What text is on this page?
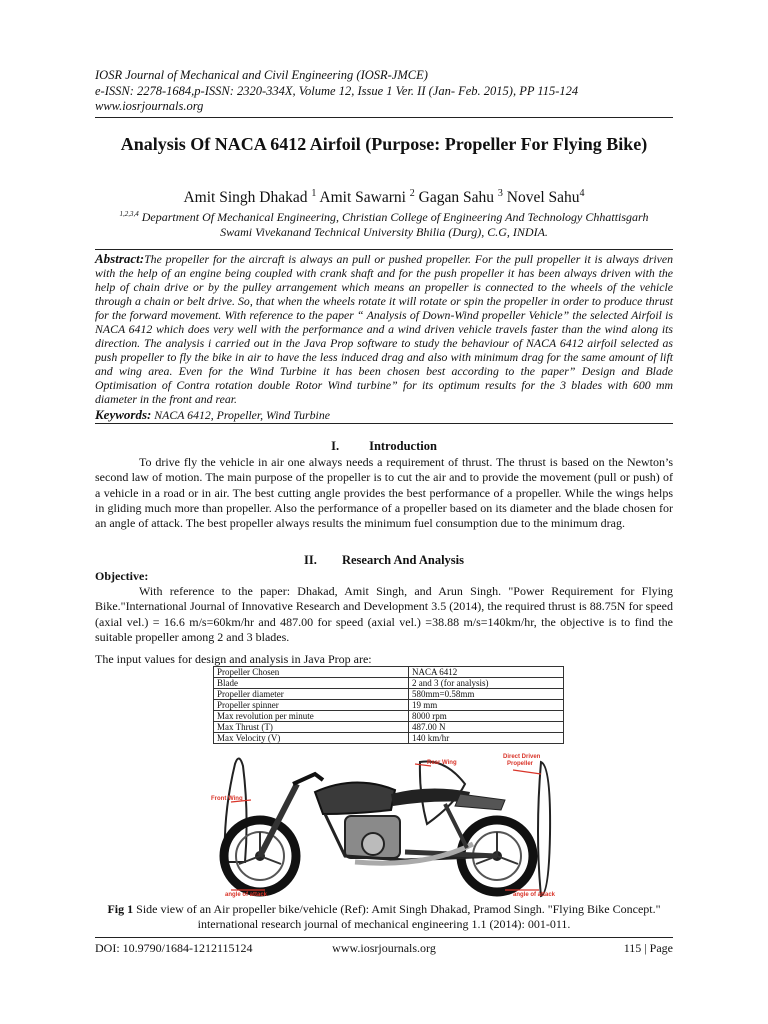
IOSR Journal of Mechanical and Civil Engineering (IOSR-JMCE)
e-ISSN: 2278-1684,p-ISSN: 2320-334X, Volume 12, Issue 1 Ver. II (Jan- Feb. 2015), PP 115-124
www.iosrjournals.org
Analysis Of NACA 6412 Airfoil (Purpose: Propeller For Flying Bike)
Amit Singh Dhakad $^1$ Amit Sawarni $^2$ Gagan Sahu $^3$ Novel Sahu$^4$
$^{1,2,3,4}$ Department Of Mechanical Engineering, Christian College of Engineering And Technology Chhattisgarh
Swami Vivekanand Technical University Bhilia (Durg), C.G, INDIA.
Abstract:The propeller for the aircraft is always an pull or pushed propeller. For the pull propeller it is always driven with the help of an engine being coupled with crank shaft and for the push propeller it has been always driven with the help of chain drive or by the pulley arrangement which means an propeller is connected to the wheels of the vehicle through a chain or belt drive. So, that when the wheels rotate it will rotate or spin the propeller in order to produce thrust for the forward movement. With reference to the paper “ Analysis of Down-Wind propeller Vehicle” the selected Airfoil is NACA 6412 which does very well with the performance and a wind driven vehicle travels faster than the wind along its direction. The analysis i carried out in the Java Prop software to study the behaviour of NACA 6412 airfoil selected as push propeller to fly the bike in air to have the less induced drag and also with minimum drag for the same amount of lift and wing area. Even for the Wind Turbine it has been chosen best according to the paper” Design and Blade Optimisation of Contra rotation double Rotor Wind turbine” for its optimum results for the 3 blades with 600 mm diameter in the front and rear.
Keywords: NACA 6412, Propeller, Wind Turbine
I. Introduction
To drive fly the vehicle in air one always needs a requirement of thrust. The thrust is based on the Newton’s second law of motion. The main purpose of the propeller is to cut the air and to provide the movement (pull or push) of a vehicle in a road or in air. The best cutting angle provides the best performance of a propeller. While the wings helps in gliding much more than propeller. Also the performance of a propeller based on its diameter and the blade chosen for an angle of attack. The best propeller always results the minimum fuel consumption due to the minimum drag.
II. Research And Analysis
Objective:
With reference to the paper: Dhakad, Amit Singh, and Arun Singh. "Power Requirement for Flying Bike."International Journal of Innovative Research and Development 3.5 (2014), the required thrust is 88.75N for speed (axial vel.) = 16.6 m/s=60km/hr and 487.00 for speed (axial vel.) =38.88 m/s=140km/hr, the objective is to find the suitable propeller among 2 and 3 blades.
The input values for design and analysis in Java Prop are:
Propeller Chosen	NACA 6412
Blade	2 and 3 (for analysis)
Propeller diameter	580mm=0.58mm
Propeller spinner	19 mm
Max revolution per minute	8000 rpm
Max Thrust (T)	487.00 N
Max Velocity (V)	140 km/hr
Front Wing
Rear Wing
Direct Driven
Propeller
angle of attack	angle of attack
Fig 1 Side view of an Air propeller bike/vehicle (Ref): Amit Singh Dhakad, Pramod Singh. "Flying Bike Concept." international research journal of mechanical engineering 1.1 (2014): 001-011.
DOI: 10.9790/1684-1212115124	www.iosrjournals.org	115 | Page
